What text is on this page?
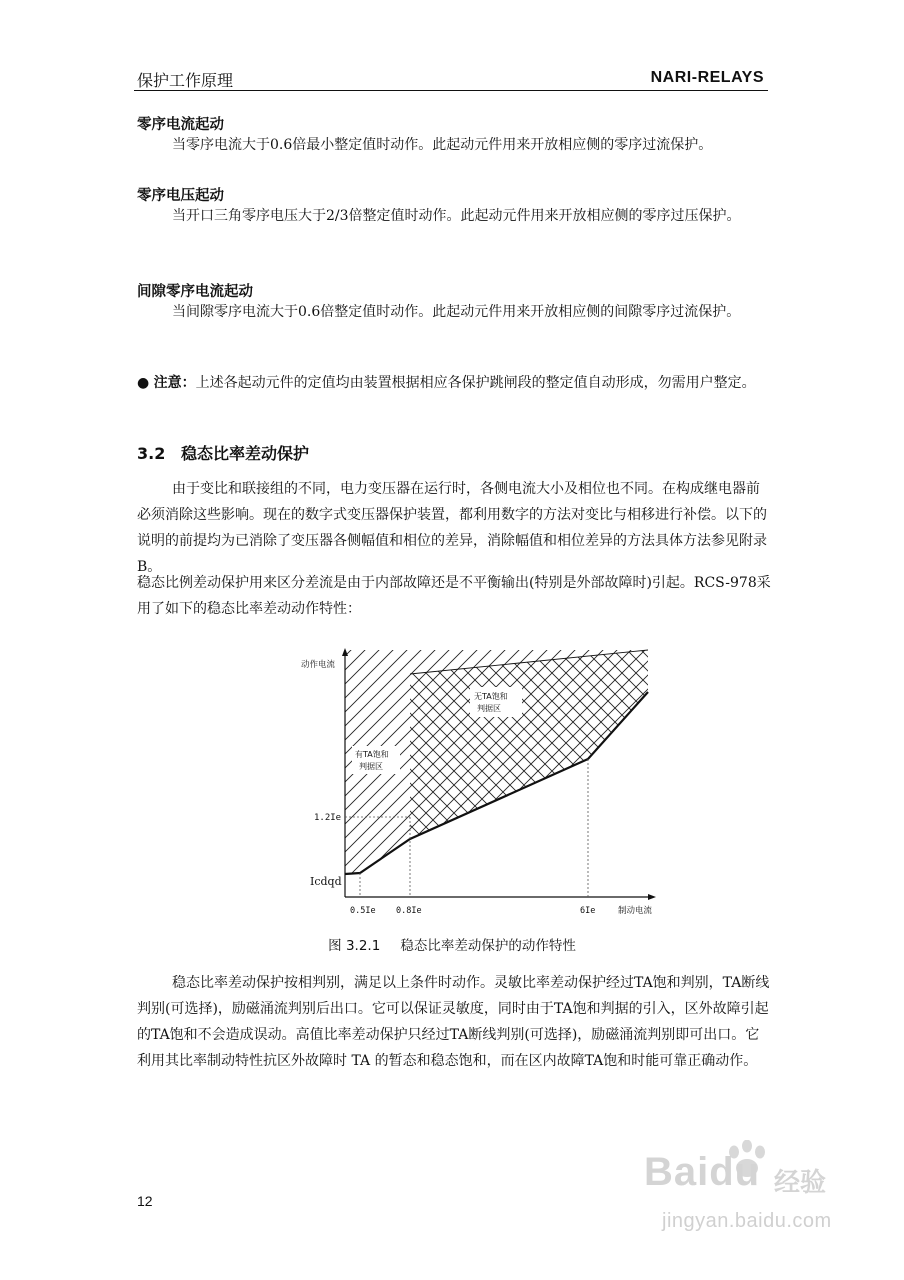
保护工作原理	NARI-RELAYS
零序电流起动
当零序电流大于0.6倍最小整定值时动作。此起动元件用来开放相应侧的零序过流保护。
零序电压起动
当开口三角零序电压大于2/3倍整定值时动作。此起动元件用来开放相应侧的零序过压保护。
间隙零序电流起动
当间隙零序电流大于0.6倍整定值时动作。此起动元件用来开放相应侧的间隙零序过流保护。
● 注意：上述各起动元件的定值均由装置根据相应各保护跳闸段的整定值自动形成，勿需用户整定。
3.2 稳态比率差动保护
由于变比和联接组的不同，电力变压器在运行时，各侧电流大小及相位也不同。在构成继电器前必须消除这些影响。现在的数字式变压器保护装置，都利用数字的方法对变比与相移进行补偿。以下的说明的前提均为已消除了变压器各侧幅值和相位的差异，消除幅值和相位差异的方法具体方法参见附录B。
稳态比例差动保护用来区分差流是由于内部故障还是不平衡输出(特别是外部故障时)引起。RCS-978采用了如下的稳态比率差动动作特性：
动作电流
制动电流
1.2Ie
Icdqd
0.5Ie 0.8Ie	6Ie
无TA饱和
判据区
有TA饱和
判据区
图 3.2.1 稳态比率差动保护的动作特性
稳态比率差动保护按相判别，满足以上条件时动作。灵敏比率差动保护经过TA饱和判别，TA断线判别(可选择)，励磁涌流判别后出口。它可以保证灵敏度，同时由于TA饱和判据的引入，区外故障引起的TA饱和不会造成误动。高值比率差动保护只经过TA断线判别(可选择)，励磁涌流判别即可出口。它利用其比率制动特性抗区外故障时 TA 的暂态和稳态饱和，而在区内故障TA饱和时能可靠正确动作。
12
Baidu 经验
jingyan.baidu.com
